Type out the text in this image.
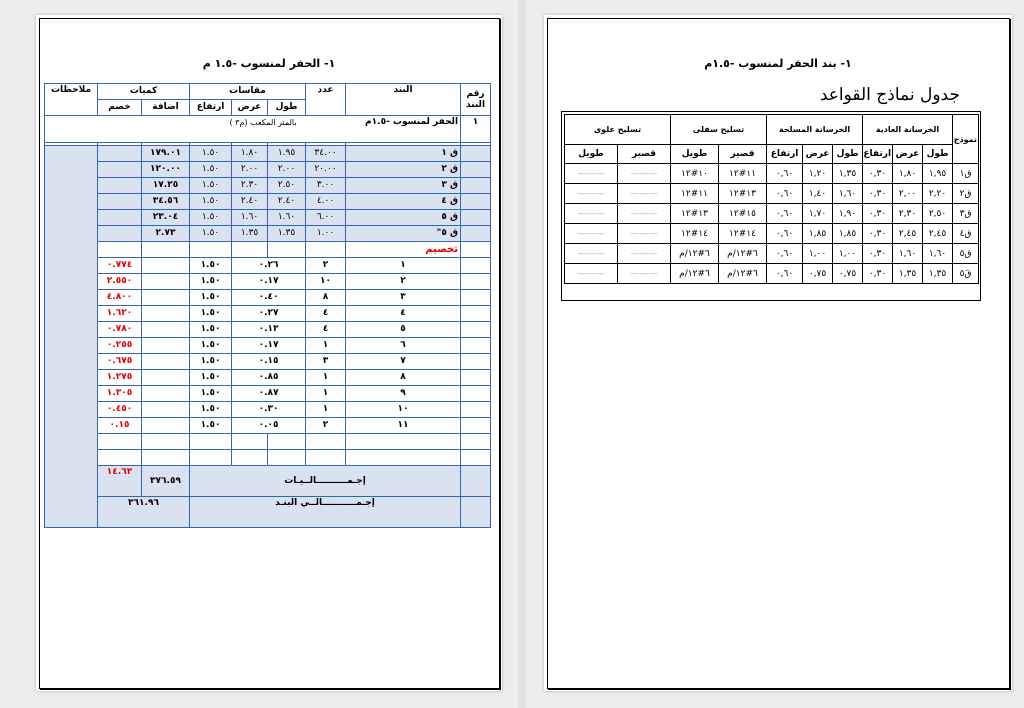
١- الحفر لمنسوب -١.٥ م
رقم البند	البند	عدد	مقاسات			كميات		ملاحظات
			طول	عرض	ارتفاع	اضافة	خصم	
١	الحفر لمنسوب -١.٥م
بالمتر المكعب (م٣ )							

	ق ١	٣٤.٠٠	١.٩٥	١.٨٠	١.٥٠	١٧٩.٠١		
	ق ٢	٢٠.٠٠	٢.٠٠	٢.٠٠	١.٥٠	١٢٠.٠٠		
	ق ٣	٣.٠٠	٢.٥٠	٢.٣٠	١.٥٠	١٧.٢٥		
	ق ٤	٤.٠٠	٢.٤٠	٢.٤٠	١.٥٠	٣٤.٥٦		
	ق ٥	٦.٠٠	١.٦٠	١.٦٠	١.٥٠	٢٣.٠٤		
	ق ٥"	١.٠٠	١.٣٥	١.٣٥	١.٥٠	٢.٧٣		
	تخصيم							
	١	٢	٠.٢٦		١.٥٠		٠.٧٧٤	
	٢	١٠	٠.١٧		١.٥٠		٢.٥٥٠	
	٣	٨	٠.٤٠		١.٥٠		٤.٨٠٠	
	٤	٤	٠.٢٧		١.٥٠		١.٦٢٠	
	٥	٤	٠.١٣		١.٥٠		٠.٧٨٠	
	٦	١	٠.١٧		١.٥٠		٠.٢٥٥	
	٧	٣	٠.١٥		١.٥٠		٠.٦٧٥	
	٨	١	٠.٨٥		١.٥٠		١.٢٧٥	
	٩	١	٠.٨٧		١.٥٠		١.٣٠٥	
	١٠	١	٠.٣٠		١.٥٠		٠.٤٥٠	
	١١	٢	٠.٠٥		١.٥٠		٠.١٥	

	إجـمــــــــــالــيـات					٣٧٦.٥٩	١٤.٦٣	
	إجـمـــــــــــالــي البنـد					٣٦١.٩٦		
١- بند الحفر لمنسوب -١.٥م
جدول نماذج القواعد
نموذج	الخرسانة العادية			الخرسانة المسلحة			تسليح سفلى		تسليح علوى	
	طول	عرض	ارتفاع	طول	عرض	ارتفاع	قصير	طويل	قصير	طويل
ق١	١,٩٥	١,٨٠	٠,٣٠	١,٣٥	١,٢٠	٠,٦٠	١١#١٢	١٠#١٢	———	———
ق٢	٢,٢٠	٢,٠٠	٠,٣٠	١,٦٠	١,٤٠	٠,٦٠	١٣#١٢	١١#١٢	———	———
ق٣	٢,٥٠	٢,٣٠	٠,٣٠	١,٩٠	١,٧٠	٠,٦٠	١٥#١٢	١٣#١٢	———	———
ق٤	٢,٤٥	٢,٤٥	٠,٣٠	١,٨٥	١,٨٥	٠,٦٠	١٤#١٢	١٤#١٢	———	———
ق٥	١,٦٠	١,٦٠	٠,٣٠	١,٠٠	١,٠٠	٠,٦٠	٦#١٢/م	٦#١٢/م	———	———
ق٥َ	١,٣٥	١,٣٥	٠,٣٠	٠,٧٥	٠,٧٥	٠,٦٠	٦#١٢/م	٦#١٢/م	———	———
